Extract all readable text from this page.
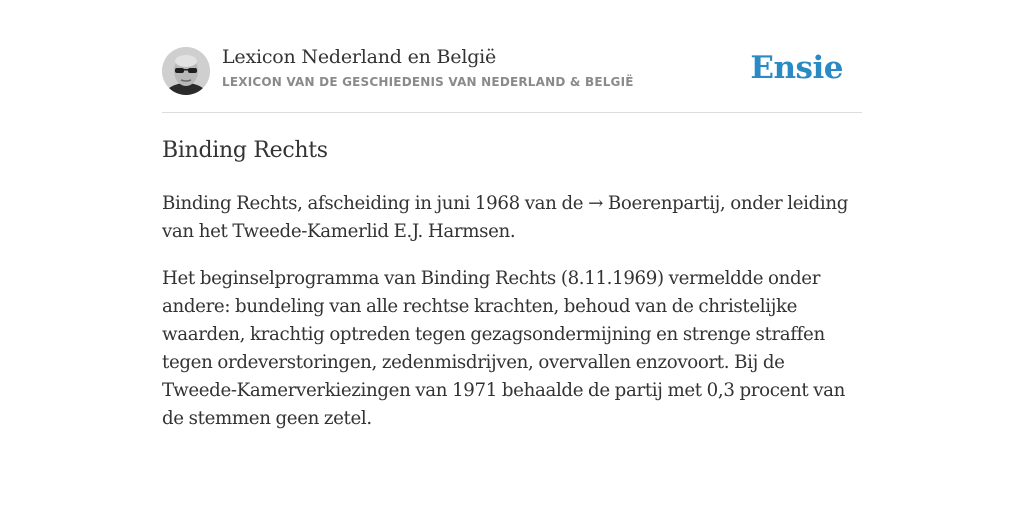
Lexicon Nederland en België
LEXICON VAN DE GESCHIEDENIS VAN NEDERLAND & BELGIË	Ensie
Binding Rechts

Binding Rechts, afscheiding in juni 1968 van de → Boerenpartij, onder leiding van het Tweede-Kamerlid E.J. Harmsen.

Het beginselprogramma van Binding Rechts (8.11.1969) vermeldde onder andere: bundeling van alle rechtse krachten, behoud van de christelijke waarden, krachtig optreden tegen gezagsondermijning en strenge straffen tegen ordeverstoringen, zedenmisdrijven, overvallen enzovoort. Bij de Tweede-Kamerverkiezingen van 1971 behaalde de partij met 0,3 procent van de stemmen geen zetel.
